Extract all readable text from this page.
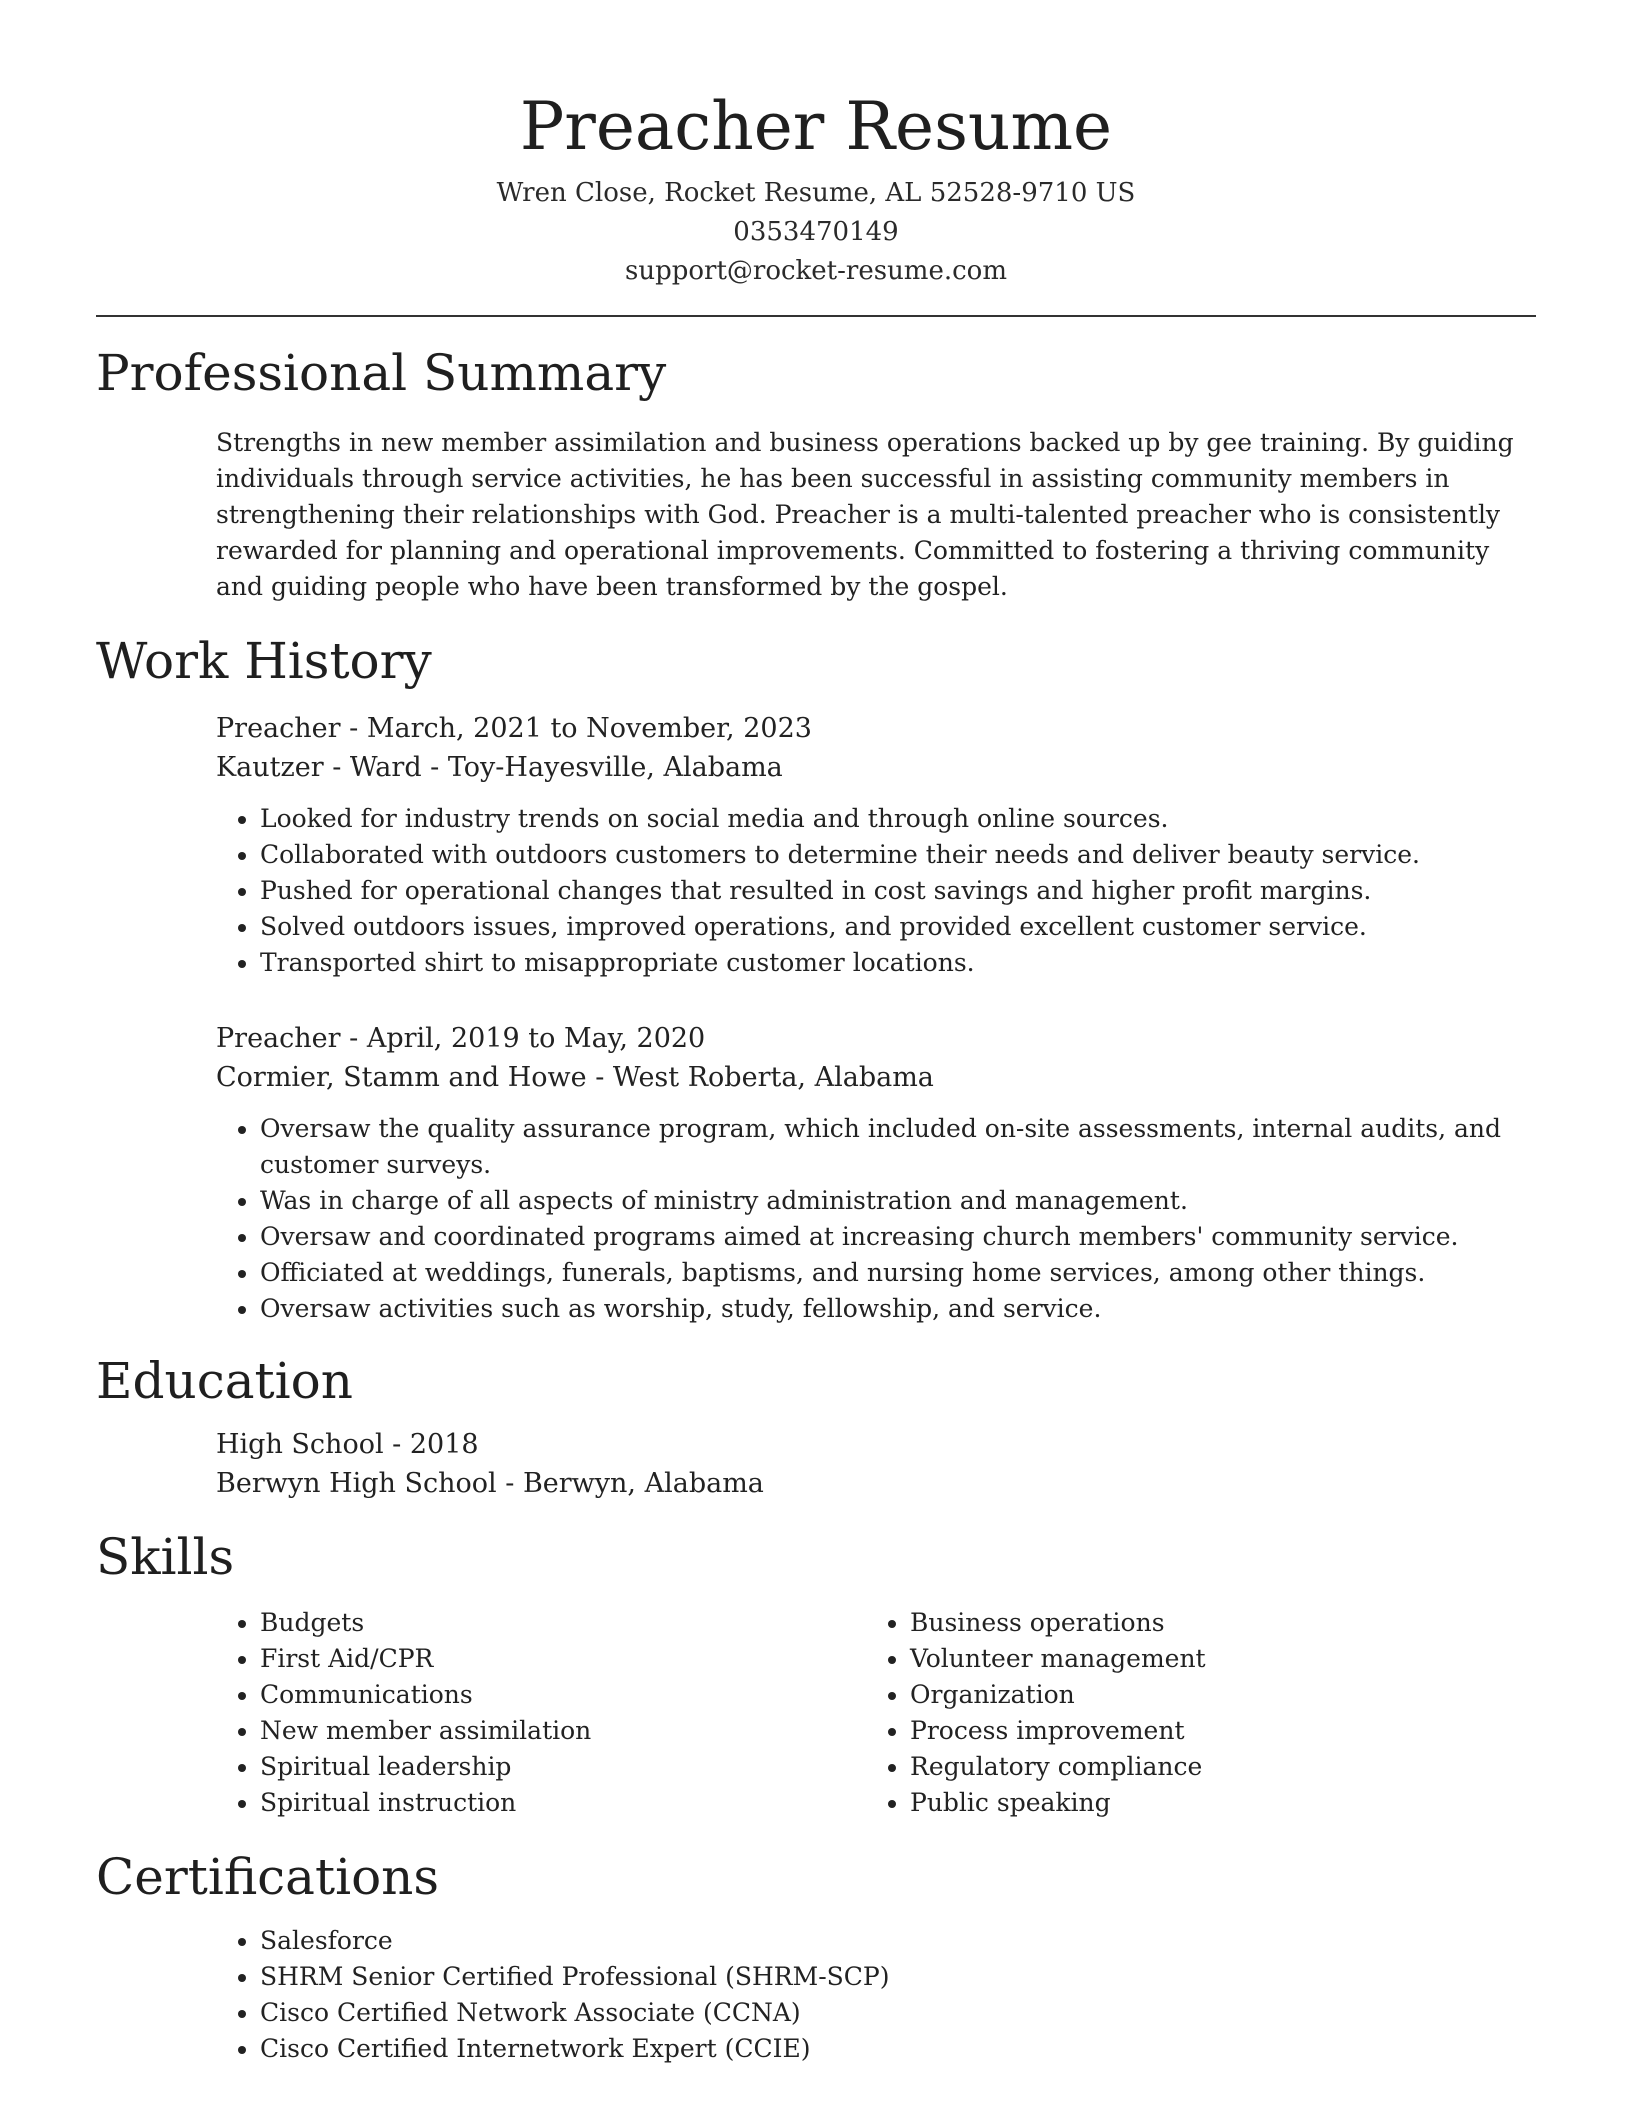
Preacher Resume
Wren Close, Rocket Resume, AL 52528-9710 US
0353470149
support@rocket-resume.com
Professional Summary

Strengths in new member assimilation and business operations backed up by gee training. By guiding individuals through service activities, he has been successful in assisting community members in strengthening their relationships with God. Preacher is a multi-talented preacher who is consistently rewarded for planning and operational improvements. Committed to fostering a thriving community and guiding people who have been transformed by the gospel.

Work History
Preacher - March, 2021 to November, 2023
Kautzer - Ward - Toy-Hayesville, Alabama
• Looked for industry trends on social media and through online sources.
• Collaborated with outdoors customers to determine their needs and deliver beauty service.
• Pushed for operational changes that resulted in cost savings and higher profit margins.
• Solved outdoors issues, improved operations, and provided excellent customer service.
• Transported shirt to misappropriate customer locations.
Preacher - April, 2019 to May, 2020
Cormier, Stamm and Howe - West Roberta, Alabama
• Oversaw the quality assurance program, which included on-site assessments, internal audits, and customer surveys.
• Was in charge of all aspects of ministry administration and management.
• Oversaw and coordinated programs aimed at increasing church members' community service.
• Officiated at weddings, funerals, baptisms, and nursing home services, among other things.
• Oversaw activities such as worship, study, fellowship, and service.
Education
High School - 2018
Berwyn High School - Berwyn, Alabama
Skills
• Budgets
• First Aid/CPR
• Communications
• New member assimilation
• Spiritual leadership
• Spiritual instruction
• Business operations
• Volunteer management
• Organization
• Process improvement
• Regulatory compliance
• Public speaking
Certifications
• Salesforce
• SHRM Senior Certified Professional (SHRM-SCP)
• Cisco Certified Network Associate (CCNA)
• Cisco Certified Internetwork Expert (CCIE)
